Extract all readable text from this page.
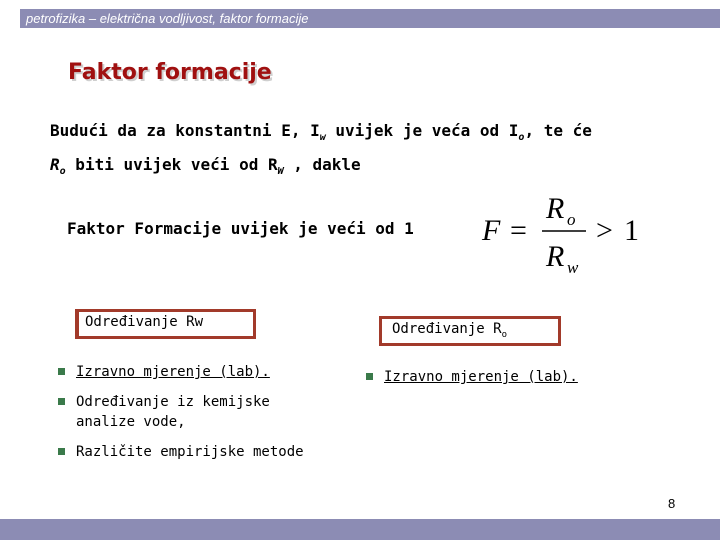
petrofizika – električna vodljivost, faktor formacije
Faktor formacije
Budući da za konstantni E, $I_w$ uvijek je veća od $I_o$, te će
$R_o$ biti uvijek veći od $R_W$ , dakle
Faktor Formacije uvijek je veći od 1 F
R
R
o
w
= > 1
Određivanje Rw	Određivanje $R_o$
Izravno mjerenje (lab).
Određivanje iz kemijske analize vode,
Različite empirijske metode
Izravno mjerenje (lab).
8
